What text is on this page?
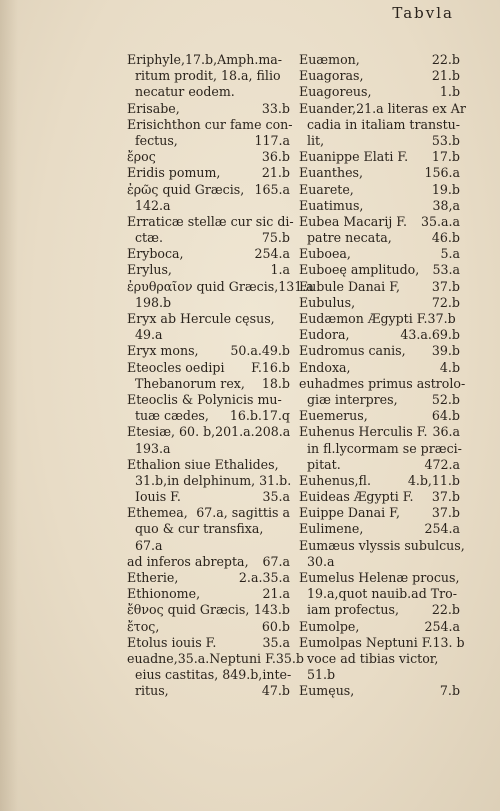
Tabvla
Eriphyle,17.b,Amph.ma-
ritum prodit, 18.a, filio
necatur eodem.
Erisabe,	33.b
Erisichthon cur fame con-
fectus,	117.a
ἔρος	36.b
Eridis pomum,	21.b
ἐρῶς quid Græcis, 165.a
142.a
Erraticæ stellæ cur sic di-
ctæ.	75.b
Eryboca,	254.a
Erylus,	1.a
ἐρυθραῖον quid Græcis,131.a
198.b
Eryx ab Hercule cęsus,
49.a
Eryx mons,	50.a.49.b
Eteocles oedipi	F.16.b
Thebanorum rex,	18.b
Eteoclis & Polynicis mu-
tuæ cædes,	16.b.17.q
Etesiæ, 60. b,201.a.208.a
193.a
Ethalion siue Ethalides,
31.b,in delphinum, 31.b.
Iouis F.	35.a
Ethemea, 67.a, sagittis a
quo & cur transfixa,
67.a
ad inferos abrepta,	67.a
Etherie,	2.a.35.a
Ethionome,	21.a
ἔθνος quid Græcis, 143.b
ἔτος,	60.b
Etolus iouis F.	35.a
euadne,35.a.Neptuni F.35.b
eius castitas, 849.b,inte-
ritus,	47.b
Euæmon,	22.b
Euagoras,	21.b
Euagoreus,	1.b
Euander,21.a literas ex Ar
cadia in italiam transtu-
lit,	53.b
Euanippe Elati F.	17.b
Euanthes,	156.a
Euarete,	19.b
Euatimus,	38,a
Eubea Macarij F.	35.a.a
patre necata,	46.b
Euboea,	5.a
Euboeę amplitudo,	53.a
Eubule Danai F,	37.b
Eubulus,	72.b
Eudæmon Ægypti F.37.b
Eudora,	43.a.69.b
Eudromus canis,	39.b
Endoxa,	4.b
euhadmes primus astrolo-
giæ interpres,	52.b
Euemerus,	64.b
Euhenus Herculis F. 36.a
in fl.lycormam se præci-
pitat.	472.a
Euhenus,fl.	4.b,11.b
Euideas Ægypti F.	37.b
Euippe Danai F,	37.b
Eulimene,	254.a
Eumæus vlyssis subulcus,
30.a
Eumelus Helenæ procus,
19.a,quot nauib.ad Tro-
iam profectus,	22.b
Eumolpe,	254.a
Eumolpas Neptuni F.13. b
voce ad tibias victor,
51.b
Eumęus,	7.b
